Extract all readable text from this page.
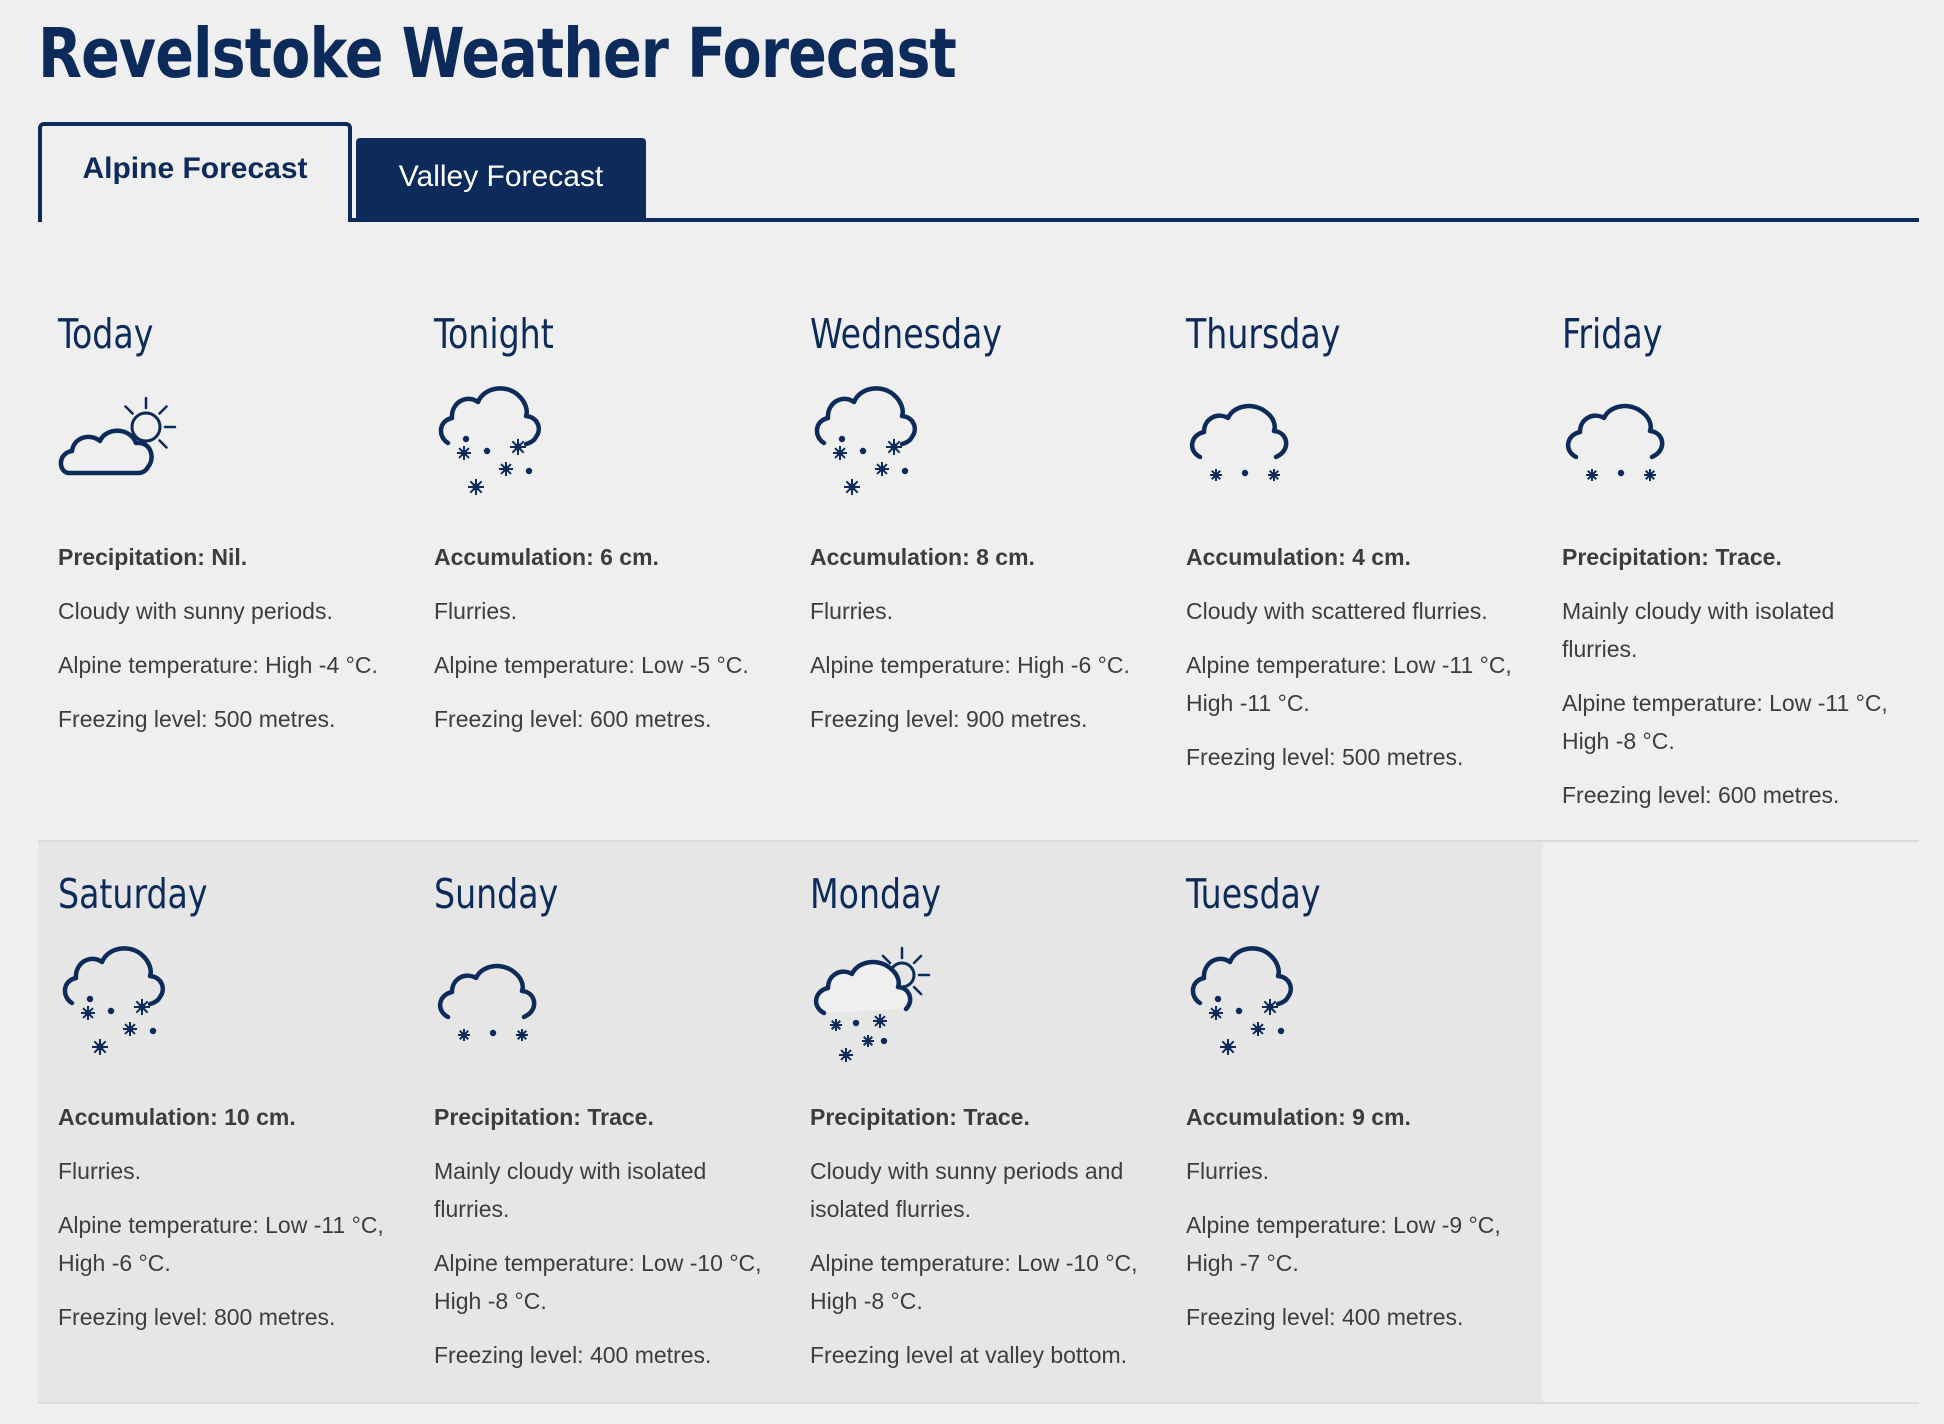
Revelstoke Weather Forecast
Alpine Forecast	Valley Forecast
Today

Precipitation: Nil.

Cloudy with sunny periods.

Alpine temperature: High -4 °C.

Freezing level: 500 metres.

Tonight

Accumulation: 6 cm.

Flurries.

Alpine temperature: Low -5 °C.

Freezing level: 600 metres.

Wednesday

Accumulation: 8 cm.

Flurries.

Alpine temperature: High -6 °C.

Freezing level: 900 metres.

Thursday

Accumulation: 4 cm.

Cloudy with scattered flurries.

Alpine temperature: Low -11 °C, High -11 °C.

Freezing level: 500 metres.

Friday

Precipitation: Trace.

Mainly cloudy with isolated flurries.

Alpine temperature: Low -11 °C, High -8 °C.

Freezing level: 600 metres.

Saturday

Accumulation: 10 cm.

Flurries.

Alpine temperature: Low -11 °C, High -6 °C.

Freezing level: 800 metres.

Sunday

Precipitation: Trace.

Mainly cloudy with isolated flurries.

Alpine temperature: Low -10 °C, High -8 °C.

Freezing level: 400 metres.

Monday

Precipitation: Trace.

Cloudy with sunny periods and isolated flurries.

Alpine temperature: Low -10 °C, High -8 °C.

Freezing level at valley bottom.

Tuesday

Accumulation: 9 cm.

Flurries.

Alpine temperature: Low -9 °C, High -7 °C.

Freezing level: 400 metres.
